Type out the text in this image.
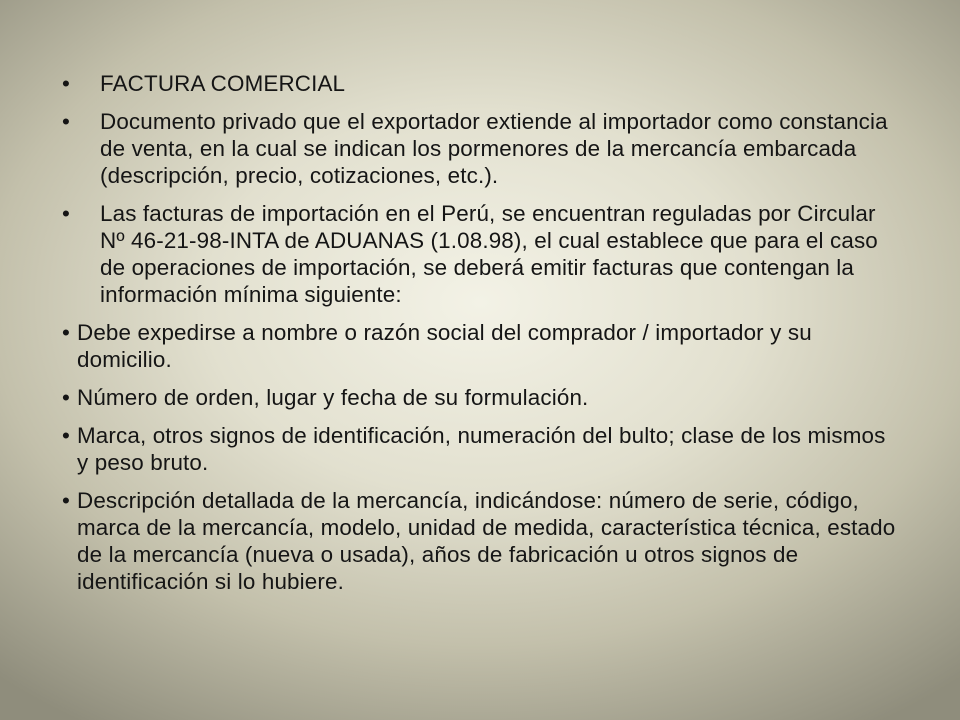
•	FACTURA COMERCIAL
•	Documento privado que el exportador extiende al importador como constancia de venta, en la cual se indican los pormenores de la mercancía embarcada (descripción, precio, cotizaciones, etc.).
•	Las facturas de importación en el Perú, se encuentran reguladas por Circular Nº 46-21-98-INTA de ADUANAS (1.08.98), el cual establece que para el caso de operaciones de importación, se deberá emitir facturas que contengan la información mínima siguiente:
• Debe expedirse a nombre o razón social del comprador / importador y su domicilio.
• Número de orden, lugar y fecha de su formulación.
• Marca, otros signos de identificación, numeración del bulto; clase de los mismos y peso bruto.
• Descripción detallada de la mercancía, indicándose: número de serie, código, marca de la mercancía, modelo, unidad de medida, característica técnica, estado de la mercancía (nueva o usada), años de fabricación u otros signos de identificación si lo hubiere.
